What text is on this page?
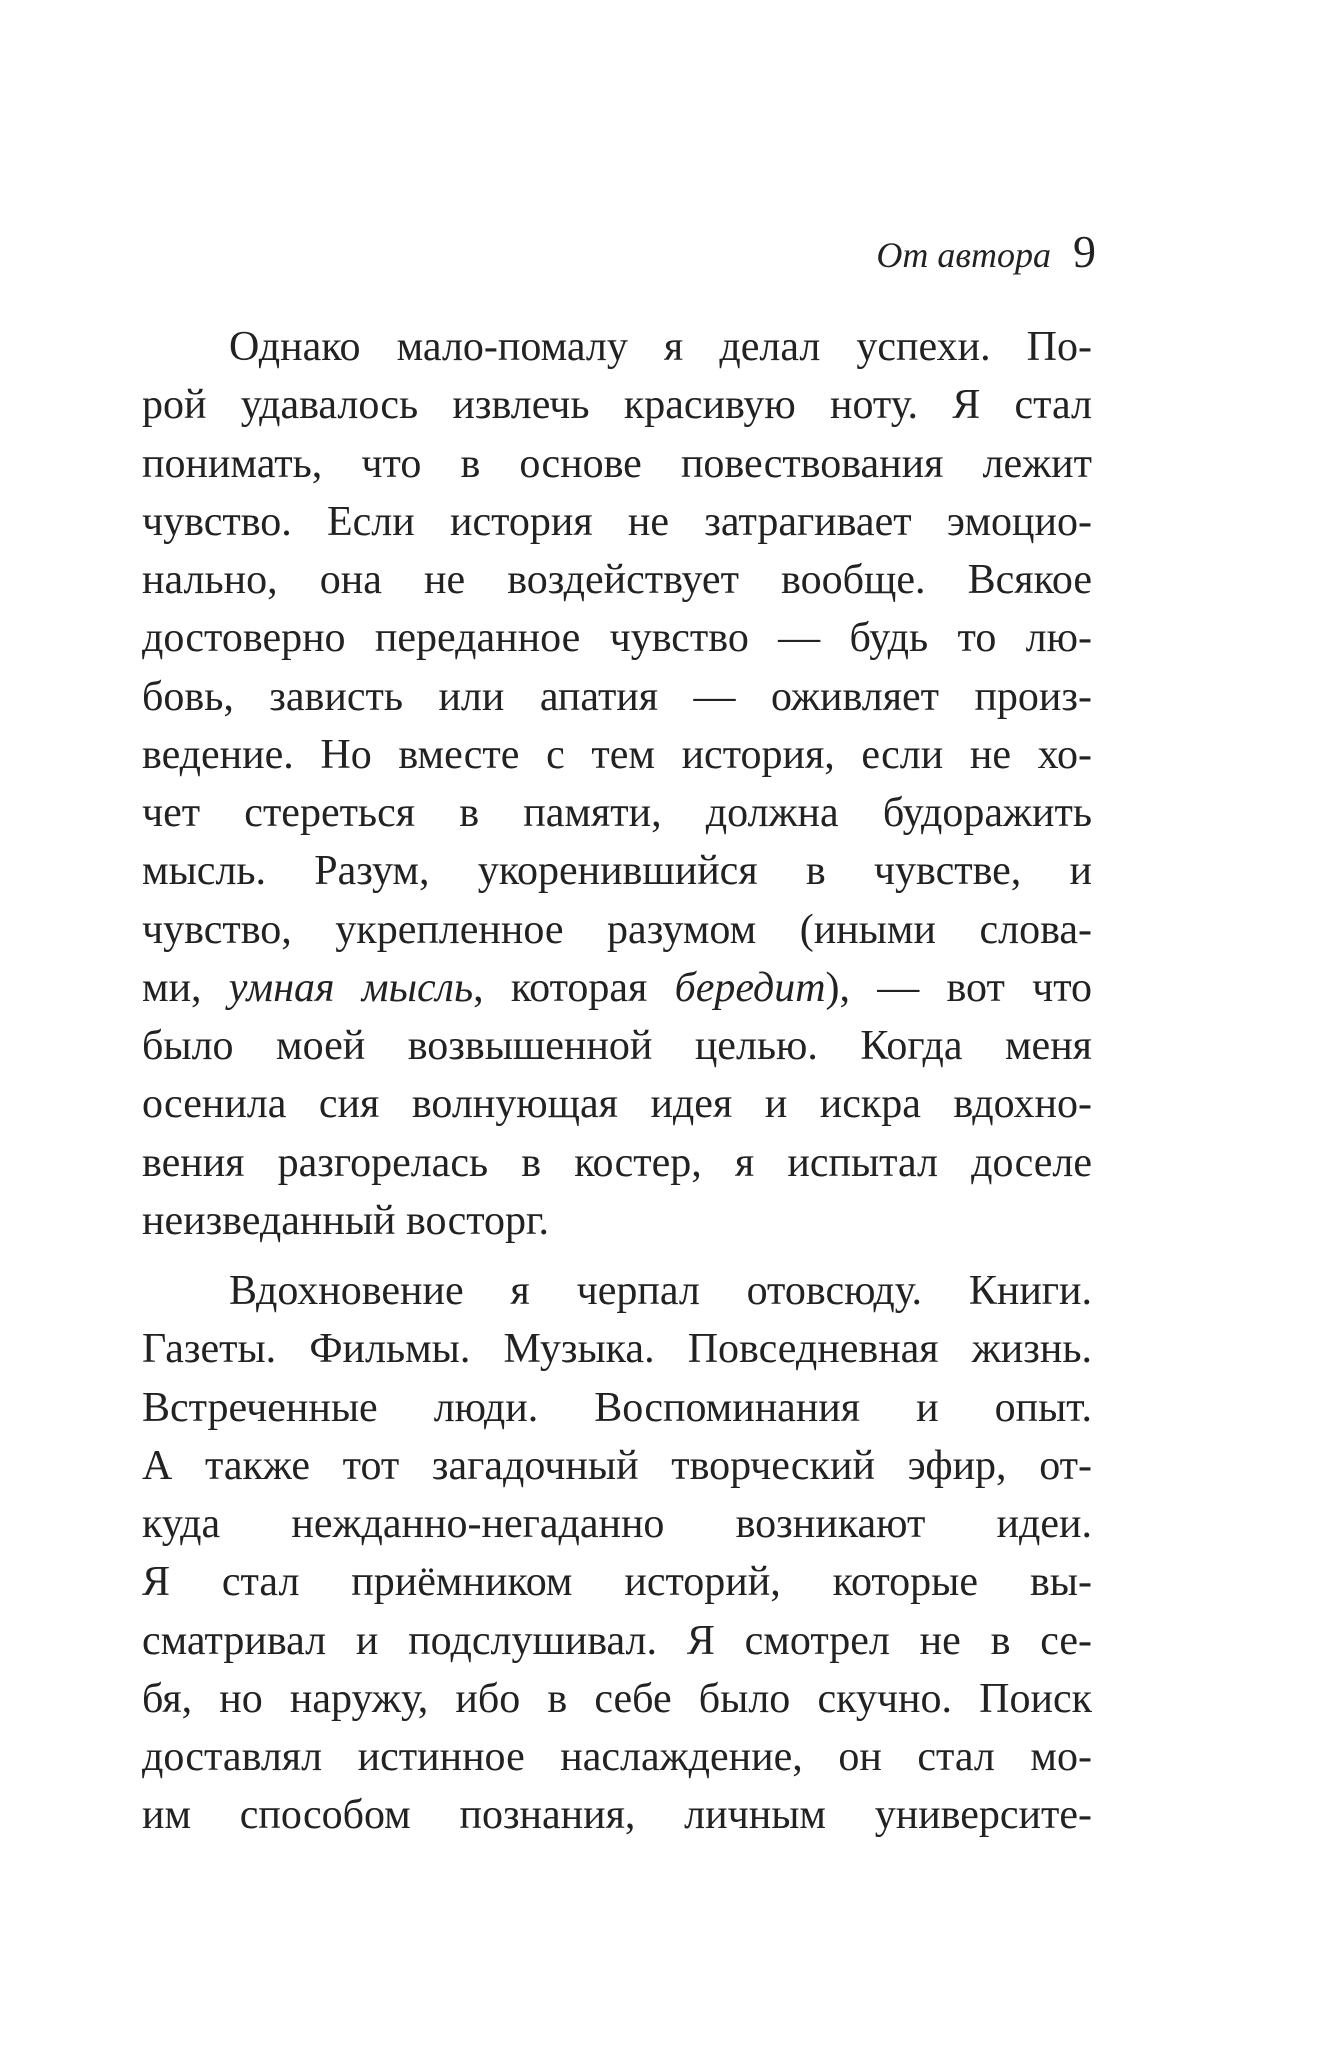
От автора 9
Однако мало-помалу я делал успехи. По-
рой удавалось извлечь красивую ноту. Я стал
понимать, что в основе повествования лежит
чувство. Если история не затрагивает эмоцио-
нально, она не воздействует вообще. Всякое
достоверно переданное чувство — будь то лю-
бовь, зависть или апатия — оживляет произ-
ведение. Но вместе с тем история, если не хо-
чет стереться в памяти, должна будоражить
мысль. Разум, укоренившийся в чувстве, и
чувство, укрепленное разумом (иными слова-
ми, умная мысль, которая бередит), — вот что
было моей возвышенной целью. Когда меня
осенила сия волнующая идея и искра вдохно-
вения разгорелась в костер, я испытал доселе
неизведанный восторг.
Вдохновение я черпал отовсюду. Книги.
Газеты. Фильмы. Музыка. Повседневная жизнь.
Встреченные люди. Воспоминания и опыт.
А также тот загадочный творческий эфир, от-
куда нежданно-негаданно возникают идеи.
Я стал приёмником историй, которые вы-
сматривал и подслушивал. Я смотрел не в се-
бя, но наружу, ибо в себе было скучно. Поиск
доставлял истинное наслаждение, он стал мо-
им способом познания, личным университе-
